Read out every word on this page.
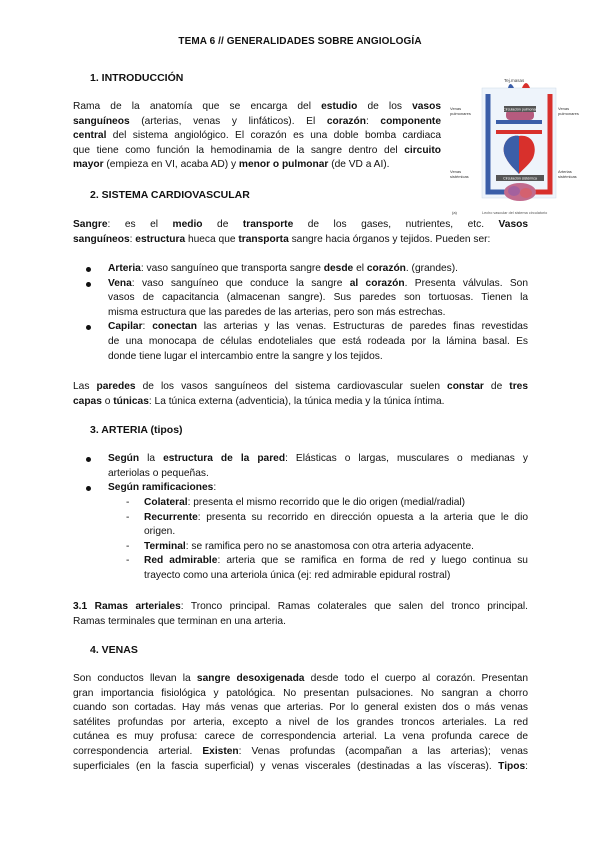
TEMA 6 // GENERALIDADES SOBRE ANGIOLOGÍA
1. INTRODUCCIÓN

Rama de la anatomía que se encarga del estudio de los vasos

sanguíneos (arterias, venas y linfáticos). El corazón: componente

central del sistema angiológico. El corazón es una doble bomba cardiaca

que tiene como función la hemodinamia de la sangre dentro del circuito

mayor (empieza en VI, acaba AD) y menor o pulmonar (de VD a AI).

Tej.masas
Circulación pulmonar
Circulación sistémica
Venas pulmonares
Venas pulmonares
Venas sistémicas
Arterias sistémicas
(a)	Lecho vascular del sistema circulatorio
2. SISTEMA CARDIOVASCULAR

Sangre: es el medio de transporte de los gases, nutrientes, etc. Vasos

sanguíneos: estructura hueca que transporta sangre hacia órganos y tejidos. Pueden ser:

Arteria: vaso sanguíneo que transporta sangre desde el corazón. (grandes).

Vena: vaso sanguíneo que conduce la sangre al corazón. Presenta válvulas. Son

vasos de capacitancia (almacenan sangre). Sus paredes son tortuosas. Tienen la

misma estructura que las paredes de las arterias, pero son más estrechas.

Capilar: conectan las arterias y las venas. Estructuras de paredes finas revestidas

de una monocapa de células endoteliales que está rodeada por la lámina basal. Es

donde tiene lugar el intercambio entre la sangre y los tejidos.

Las paredes de los vasos sanguíneos del sistema cardiovascular suelen constar de tres

capas o túnicas: La túnica externa (adventicia), la túnica media y la túnica íntima.

3. ARTERIA (tipos)

Según la estructura de la pared: Elásticas o largas, musculares o medianas y

arteriolas o pequeñas.

Según ramificaciones:

- Colateral: presenta el mismo recorrido que le dio origen (medial/radial)

- Recurrente: presenta su recorrido en dirección opuesta a la arteria que le dio

origen.

- Terminal: se ramifica pero no se anastomosa con otra arteria adyacente.

- Red admirable: arteria que se ramifica en forma de red y luego continua su

trayecto como una arteriola única (ej: red admirable epidural rostral)

3.1 Ramas arteriales: Tronco principal. Ramas colaterales que salen del tronco principal.

Ramas terminales que terminan en una arteria.

4. VENAS

Son conductos llevan la sangre desoxigenada desde todo el cuerpo al corazón. Presentan

gran importancia fisiológica y patológica. No presentan pulsaciones. No sangran a chorro

cuando son cortadas. Hay más venas que arterias. Por lo general existen dos o más venas

satélites profundas por arteria, excepto a nivel de los grandes troncos arteriales. La red

cutánea es muy profusa: carece de correspondencia arterial. La vena profunda carece de

correspondencia arterial. Existen: Venas profundas (acompañan a las arterias); venas

superficiales (en la fascia superficial) y venas viscerales (destinadas a las vísceras). Tipos:
